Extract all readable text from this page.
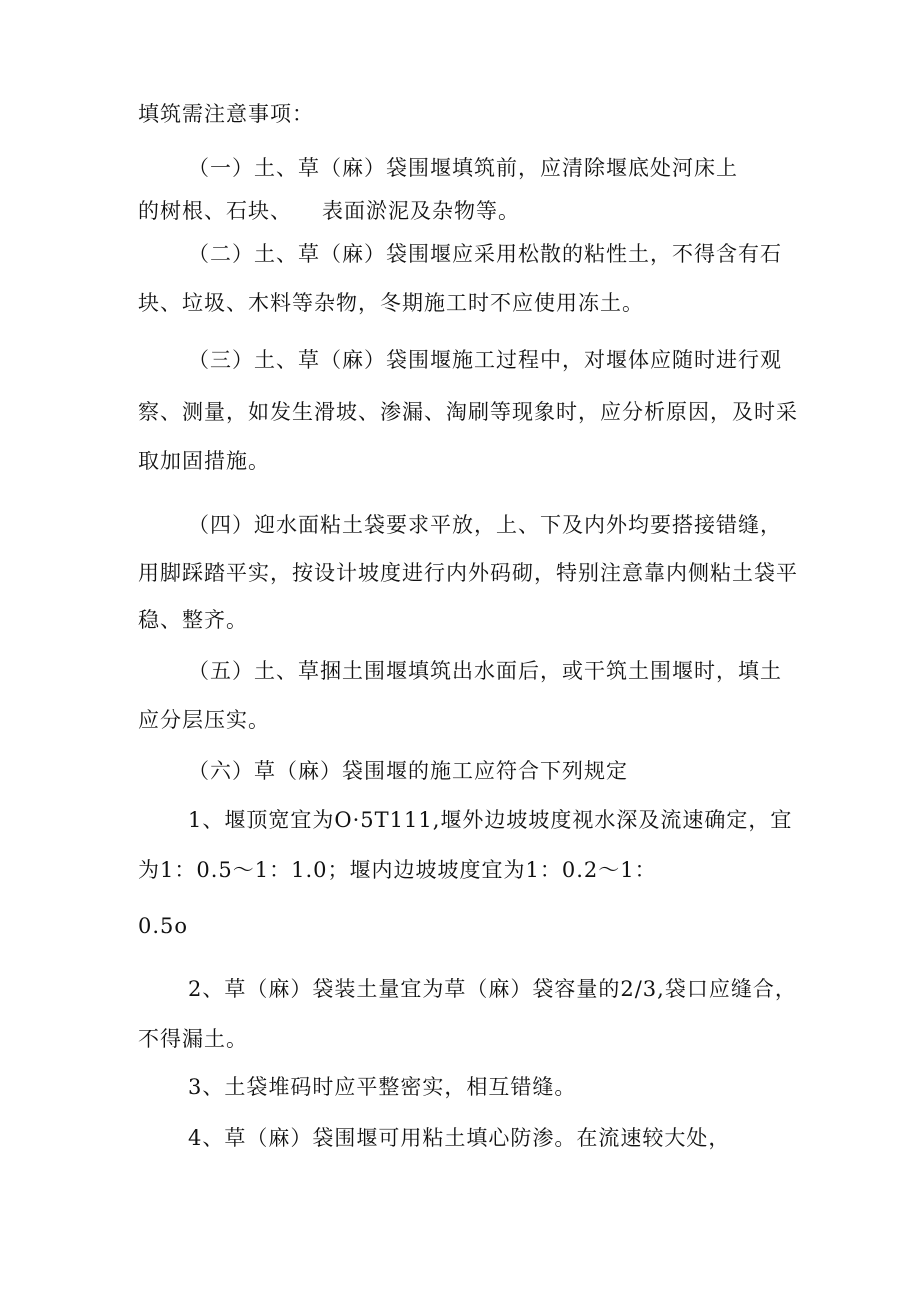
填筑需注意事项：
（一）土、草（麻）袋围堰填筑前，应清除堰底处河床上
的树根、石块、 表面淤泥及杂物等。
（二）土、草（麻）袋围堰应采用松散的粘性土，不得含有石
块、垃圾、木料等杂物，冬期施工时不应使用冻土。
（三）土、草（麻）袋围堰施工过程中，对堰体应随时进行观
察、测量，如发生滑坡、渗漏、淘刷等现象时，应分析原因，及时采
取加固措施。
（四）迎水面粘土袋要求平放，上、下及内外均要搭接错缝，
用脚踩踏平实，按设计坡度进行内外码砌，特别注意靠内侧粘土袋平
稳、整齐。
（五）土、草捆土围堰填筑出水面后，或干筑土围堰时，填土
应分层压实。
（六）草（麻）袋围堰的施工应符合下列规定
1、堰顶宽宜为O·5T111,堰外边坡坡度视水深及流速确定，宜
为1：0.5～1：1.0；堰内边坡坡度宜为1：0.2～1：
0.5o
2、草（麻）袋装土量宜为草（麻）袋容量的2/3,袋口应缝合，
不得漏土。
3、土袋堆码时应平整密实，相互错缝。
4、草（麻）袋围堰可用粘土填心防渗。在流速较大处，
